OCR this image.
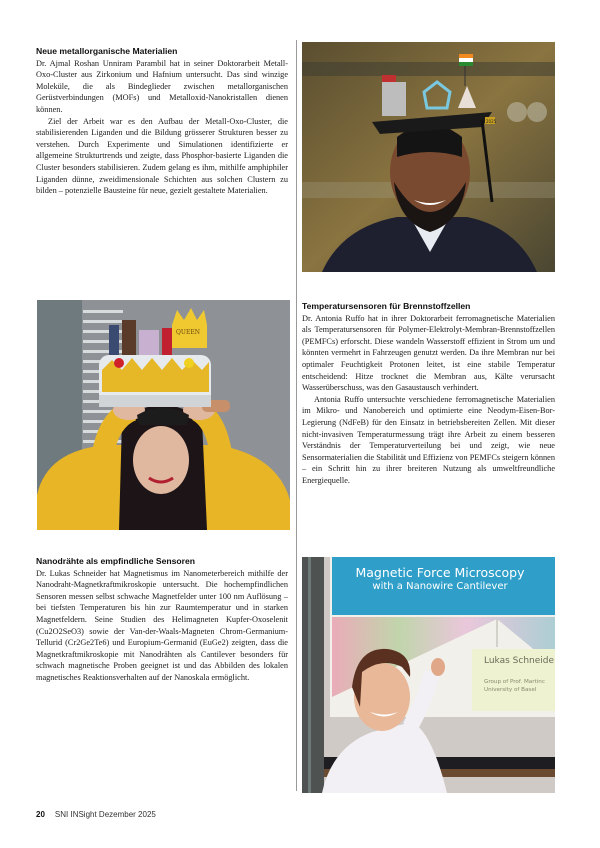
Neue metallorganische Materialien

Dr. Ajmal Roshan Unniram Parambil hat in seiner Doktorarbeit Metall-Oxo-Cluster aus Zirkonium und Hafnium untersucht. Das sind winzige Moleküle, die als Bindeglieder zwischen metallorganischen Gerüstverbindungen (MOFs) und Metalloxid-Nanokristallen dienen können.

Ziel der Arbeit war es den Aufbau der Metall-Oxo-Cluster, die stabilisierenden Liganden und die Bildung grösserer Strukturen besser zu verstehen. Durch Experimente und Simulationen identifizierte er allgemeine Strukturtrends und zeigte, dass Phosphor-basierte Liganden die Cluster besonders stabilisieren. Zudem gelang es ihm, mithilfe amphiphiler Liganden dünne, zweidimensionale Schichten aus solchen Clustern zu bilden – potenzielle Bausteine für neue, gezielt gestaltete Materialien.

Temperatursensoren für Brennstoffzellen

Dr. Antonia Ruffo hat in ihrer Doktorarbeit ferromagnetische Materialien als Temperatursensoren für Polymer-Elektrolyt-Membran-Brennstoffzellen (PEMFCs) erforscht. Diese wandeln Wasserstoff effizient in Strom um und könnten vermehrt in Fahrzeugen genutzt werden. Da ihre Membran nur bei optimaler Feuchtigkeit Protonen leitet, ist eine stabile Temperatur entscheidend: Hitze trocknet die Membran aus, Kälte verursacht Wasserüberschuss, was den Gasaustausch verhindert.

Antonia Ruffo untersuchte verschiedene ferromagnetische Materialien im Mikro- und Nanobereich und optimierte eine Neodym-Eisen-Bor-Legierung (NdFeB) für den Einsatz in betriebsbereiten Zellen. Mit dieser nicht-invasiven Temperaturmessung trägt ihre Arbeit zu einem besseren Verständnis der Temperaturverteilung bei und zeigt, wie neue Sensormaterialien die Stabilität und Effizienz von PEMFCs steigern können – ein Schritt hin zu ihrer breiteren Nutzung als umweltfreundliche Energiequelle.

Nanodrähte als empfindliche Sensoren

Dr. Lukas Schneider hat Magnetismus im Nanometerbereich mithilfe der Nanodraht-Magnetkraftmikroskopie untersucht. Die hochempfindlichen Sensoren messen selbst schwache Magnetfelder unter 100 nm Auflösung – bei tiefsten Temperaturen bis hin zur Raumtemperatur und in starken Magnetfeldern. Seine Studien des Helimagneten Kupfer-Oxoselenit (Cu2O2SeO3) sowie der Van-der-Waals-Magneten Chrom-Germanium-Tellurid (Cr2Ge2Te6) und Europium-Germanid (EuGe2) zeigten, dass die Magnetkraftmikroskopie mit Nanodrähten als Cantilever besonders für schwach magnetische Proben geeignet ist und das Abbilden des lokalen magnetisches Reaktionsverhalten auf der Nanoskala ermöglicht.

2025
QUEEN
Magnetic Force Microscopy
with a Nanowire Cantilever
Lukas Schneide
Group of Prof. Martinc
University of Basel
20 SNI INSight Dezember 2025
